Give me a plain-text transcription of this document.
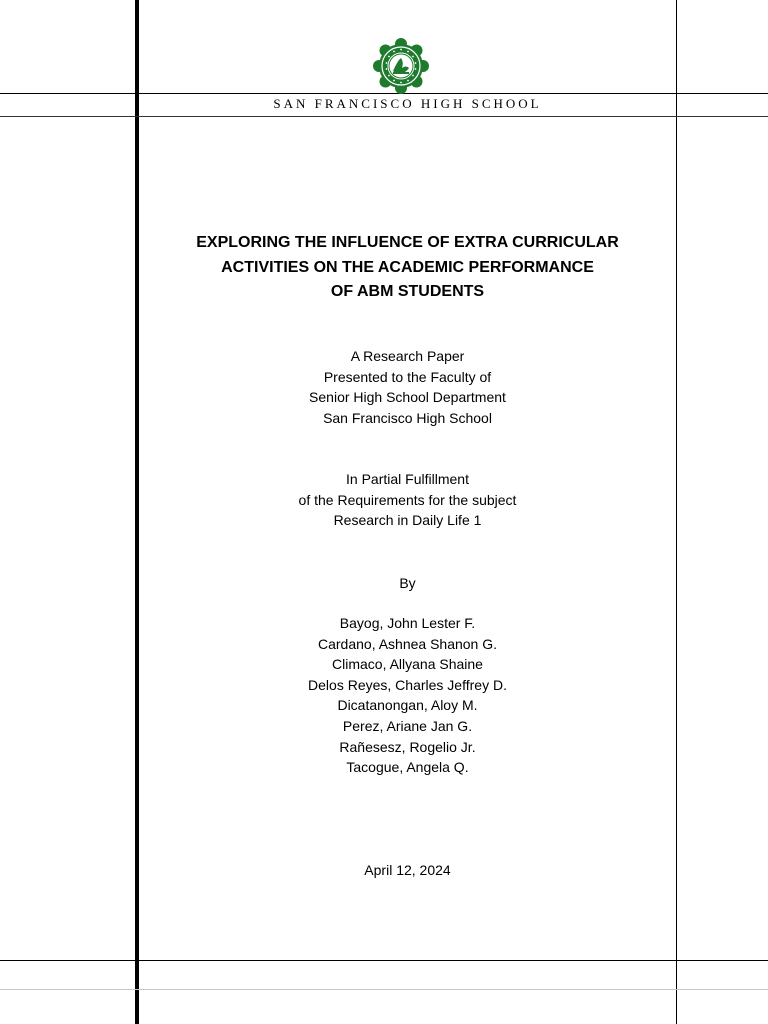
SAN FRANCISCO HIGH SCHOOL
EXPLORING THE INFLUENCE OF EXTRA CURRICULAR
ACTIVITIES ON THE ACADEMIC PERFORMANCE
OF ABM STUDENTS
A Research Paper
Presented to the Faculty of
Senior High School Department
San Francisco High School
In Partial Fulfillment
of the Requirements for the subject
Research in Daily Life 1
By
Bayog, John Lester F.
Cardano, Ashnea Shanon G.
Climaco, Allyana Shaine
Delos Reyes, Charles Jeffrey D.
Dicatanongan, Aloy M.
Perez, Ariane Jan G.
Rañesesz, Rogelio Jr.
Tacogue, Angela Q.
April 12, 2024
